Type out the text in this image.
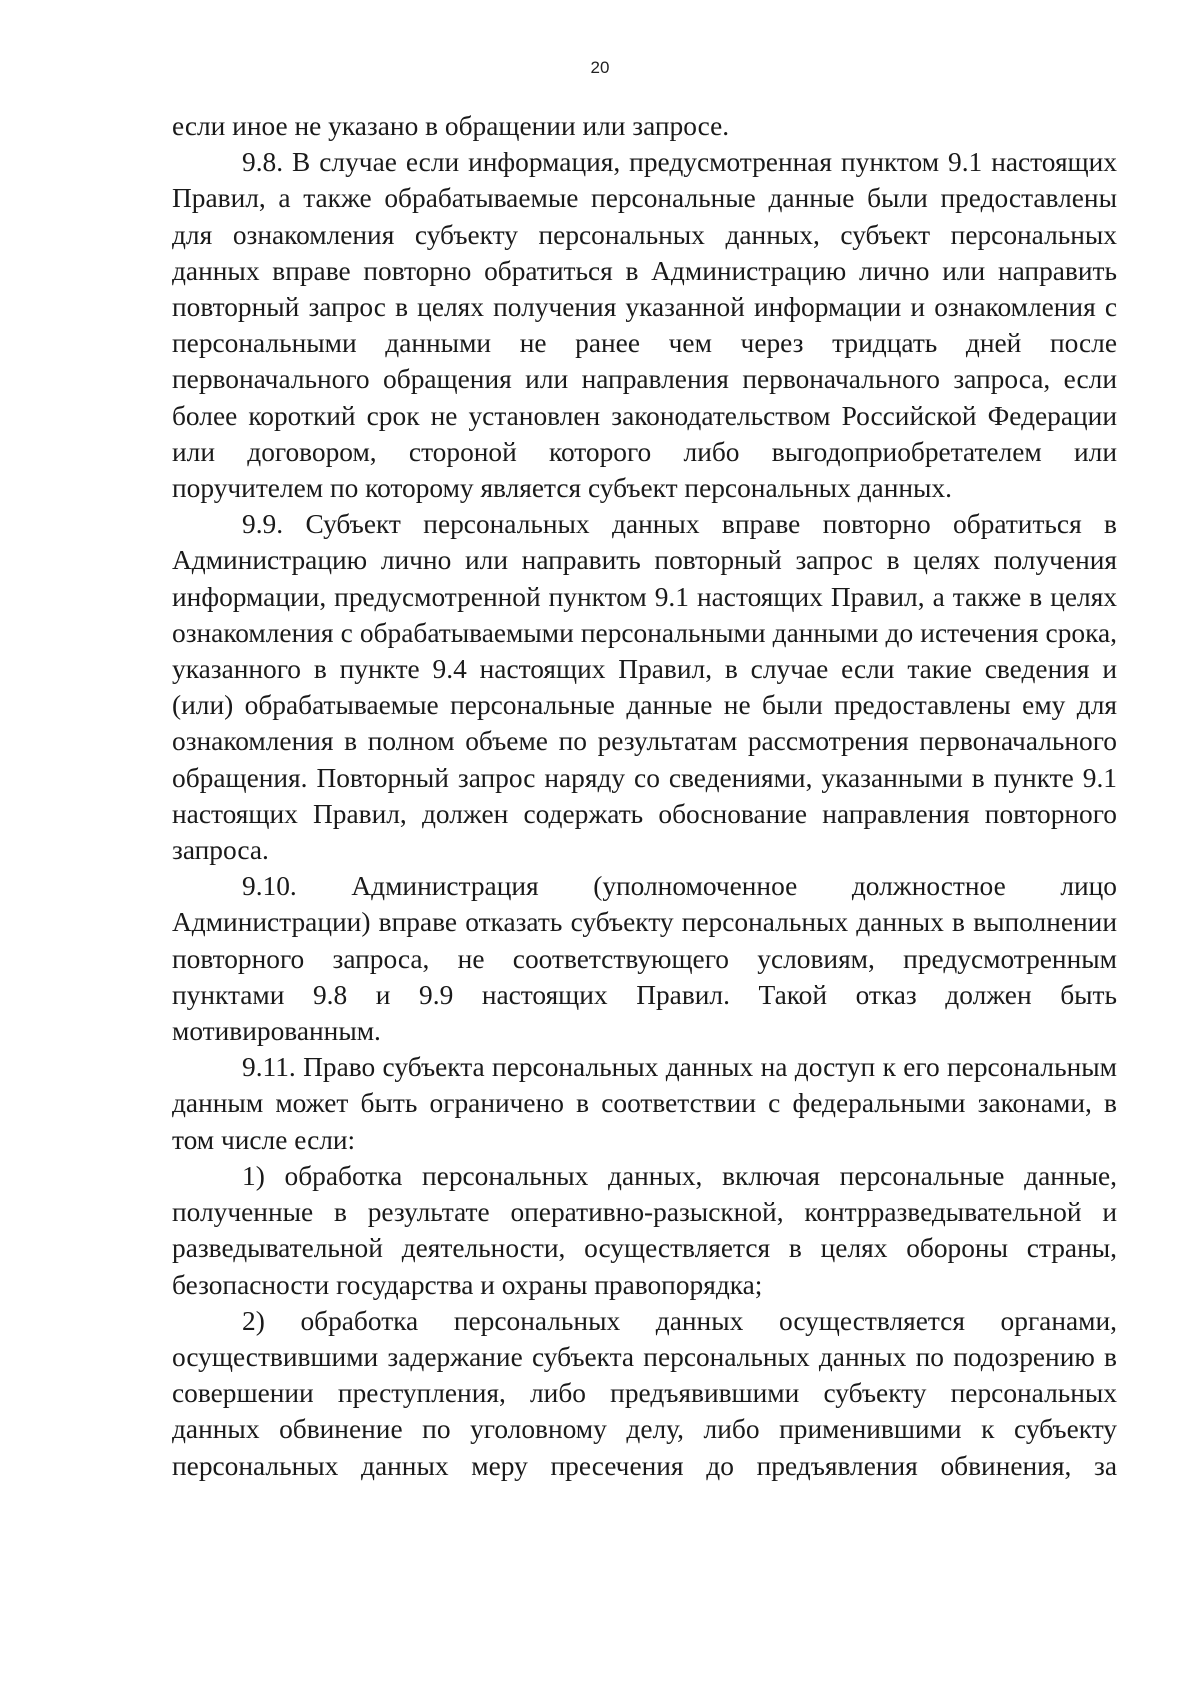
20

если иное не указано в обращении или запросе.

9.8. В случае если информация, предусмотренная пунктом 9.1 настоящих Правил, а также обрабатываемые персональные данные были предоставлены для ознакомления субъекту персональных данных, субъект персональных данных вправе повторно обратиться в Администрацию лично или направить повторный запрос в целях получения указанной информации и ознакомления с персональными данными не ранее чем через тридцать дней после первоначального обращения или направления первоначального запроса, если более короткий срок не установлен законодательством Российской Федерации или договором, стороной которого либо выгодоприобретателем или поручителем по которому является субъект персональных данных.

9.9. Субъект персональных данных вправе повторно обратиться в Администрацию лично или направить повторный запрос в целях получения информации, предусмотренной пунктом 9.1 настоящих Правил, а также в целях ознакомления с обрабатываемыми персональными данными до истечения срока, указанного в пункте 9.4 настоящих Правил, в случае если такие сведения и (или) обрабатываемые персональные данные не были предоставлены ему для ознакомления в полном объеме по результатам рассмотрения первоначального обращения. Повторный запрос наряду со сведениями, указанными в пункте 9.1 настоящих Правил, должен содержать обоснование направления повторного запроса.

9.10. Администрация (уполномоченное должностное лицо Администрации) вправе отказать субъекту персональных данных в выполнении повторного запроса, не соответствующего условиям, предусмотренным пунктами 9.8 и 9.9 настоящих Правил. Такой отказ должен быть мотивированным.

9.11. Право субъекта персональных данных на доступ к его персональным данным может быть ограничено в соответствии с федеральными законами, в том числе если:

1) обработка персональных данных, включая персональные данные, полученные в результате оперативно-разыскной, контрразведывательной и разведывательной деятельности, осуществляется в целях обороны страны, безопасности государства и охраны правопорядка;

2) обработка персональных данных осуществляется органами, осуществившими задержание субъекта персональных данных по подозрению в совершении преступления, либо предъявившими субъекту персональных данных обвинение по уголовному делу, либо применившими к субъекту персональных данных меру пресечения до предъявления обвинения, за
